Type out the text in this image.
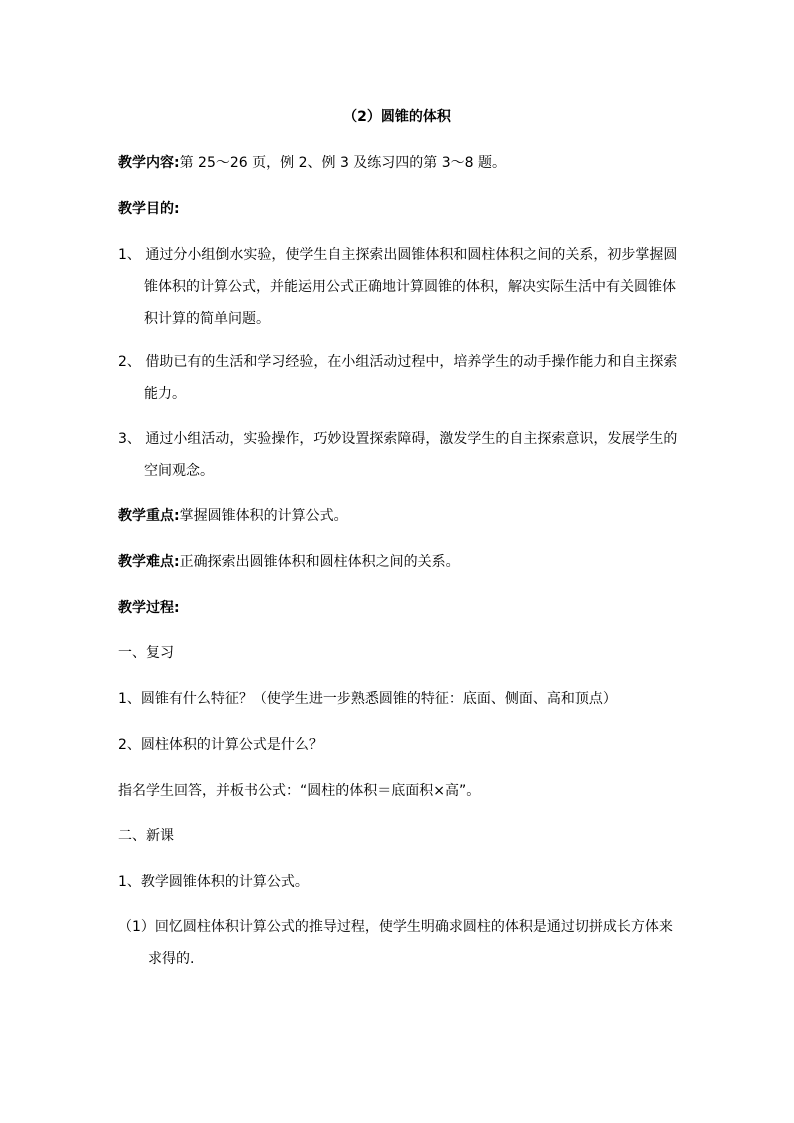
（2）圆锥的体积
教学内容:第 25～26 页，例 2、例 3 及练习四的第 3～8 题。
教学目的:
1、 通过分小组倒水实验，使学生自主探索出圆锥体积和圆柱体积之间的关系，初步掌握圆
锥体积的计算公式，并能运用公式正确地计算圆锥的体积，解决实际生活中有关圆锥体
积计算的简单问题。
2、 借助已有的生活和学习经验，在小组活动过程中，培养学生的动手操作能力和自主探索
能力。
3、 通过小组活动，实验操作，巧妙设置探索障碍，激发学生的自主探索意识，发展学生的
空间观念。
教学重点:掌握圆锥体积的计算公式。
教学难点:正确探索出圆锥体积和圆柱体积之间的关系。
教学过程:
一、复习
1、圆锥有什么特征？（使学生进一步熟悉圆锥的特征：底面、侧面、高和顶点）
2、圆柱体积的计算公式是什么？
指名学生回答，并板书公式：“圆柱的体积＝底面积×高”。
二、新课
1、教学圆锥体积的计算公式。
（1）回忆圆柱体积计算公式的推导过程，使学生明确求圆柱的体积是通过切拼成长方体来
求得的.
